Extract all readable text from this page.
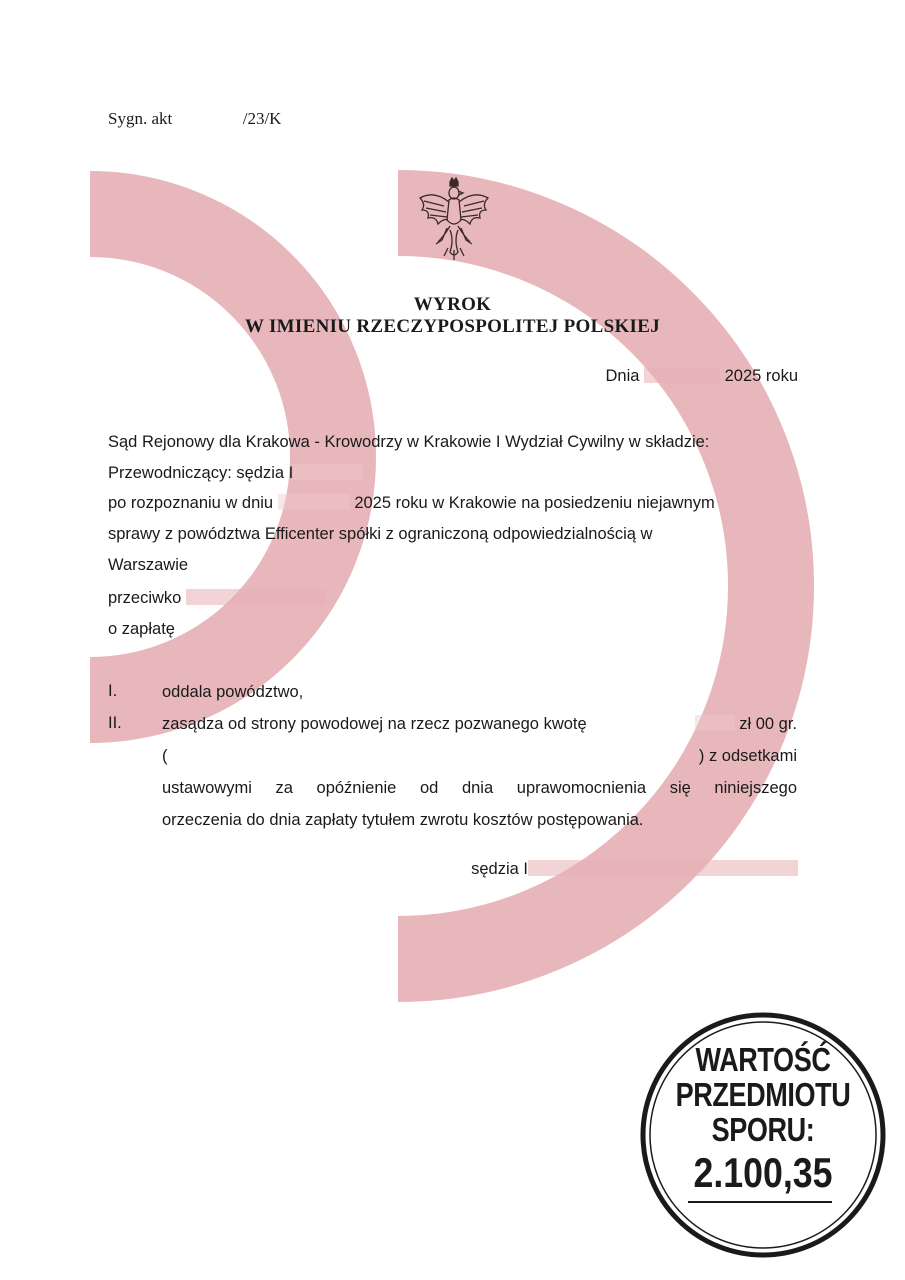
Sygn. akt	/23/K
WYROK
W IMIENIU RZECZYPOSPOLITEJ POLSKIEJ
Dnia	2025 roku
Sąd Rejonowy dla Krakowa - Krowodrzy w Krakowie I Wydział Cywilny w składzie:
Przewodniczący: sędzia I
po rozpoznaniu w dniu	2025 roku w Krakowie na posiedzeniu niejawnym
sprawy z powództwa Efficenter spółki z ograniczoną odpowiedzialnością w
Warszawie
przeciwko
o zapłatę
I.	oddala powództwo,

II. zasądza od strony powodowej na rzecz pozwanego kwotę	zł 00 gr.
(	) z odsetkami

ustawowymi za opóźnienie od dnia uprawomocnienia się niniejszego

orzeczenia do dnia zapłaty tytułem zwrotu kosztów postępowania.

sędzia I
WARTOŚĆ
PRZEDMIOTU
SPORU:
2.100,35
